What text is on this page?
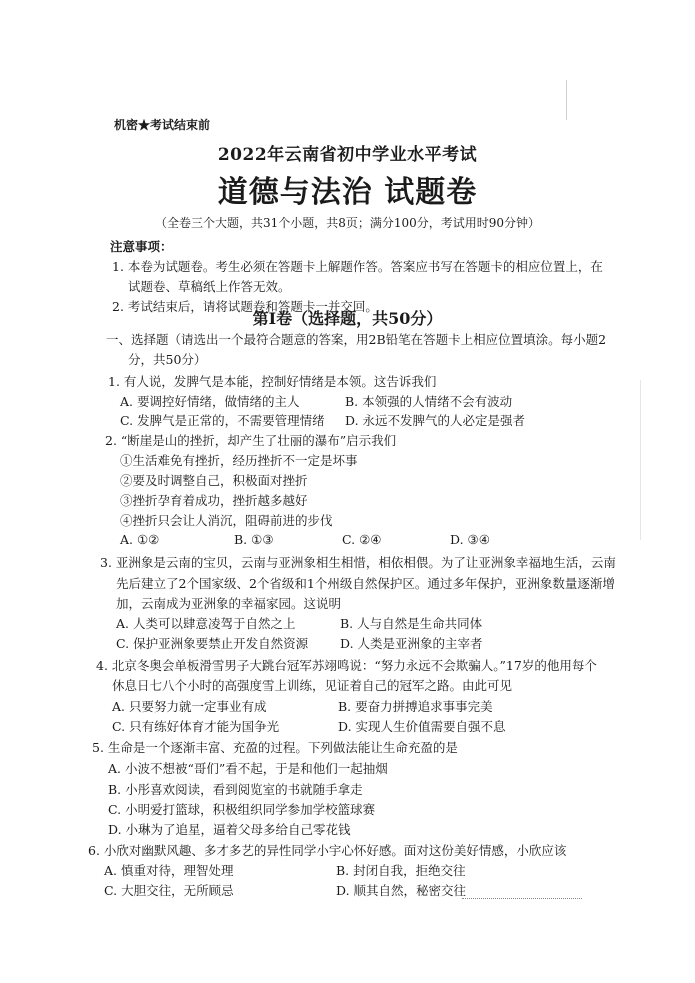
机密★考试结束前
2022年云南省初中学业水平考试
道德与法治 试题卷
（全卷三个大题，共31个小题，共8页；满分100分，考试用时90分钟）
注意事项：
1. 本卷为试题卷。考生必须在答题卡上解题作答。答案应书写在答题卡的相应位置上，在
试题卷、草稿纸上作答无效。
2. 考试结束后，请将试题卷和答题卡一并交回。
第Ⅰ卷（选择题，共50分）
一、选择题（请选出一个最符合题意的答案，用2B铅笔在答题卡上相应位置填涂。每小题2
分，共50分）
1. 有人说，发脾气是本能，控制好情绪是本领。这告诉我们
A. 要调控好情绪，做情绪的主人	B. 本领强的人情绪不会有波动
C. 发脾气是正常的，不需要管理情绪 D. 永远不发脾气的人必定是强者
2. “断崖是山的挫折，却产生了壮丽的瀑布”启示我们
①生活难免有挫折，经历挫折不一定是坏事
②要及时调整自己，积极面对挫折
③挫折孕育着成功，挫折越多越好
④挫折只会让人消沉，阻碍前进的步伐
A. ①②	B. ①③	C. ②④	D. ③④
3. 亚洲象是云南的宝贝，云南与亚洲象相生相惜，相依相偎。为了让亚洲象幸福地生活，云南
先后建立了2个国家级、2个省级和1个州级自然保护区。通过多年保护，亚洲象数量逐渐增
加，云南成为亚洲象的幸福家园。这说明
A. 人类可以肆意凌驾于自然之上	B. 人与自然是生命共同体
C. 保护亚洲象要禁止开发自然资源	D. 人类是亚洲象的主宰者
4. 北京冬奥会单板滑雪男子大跳台冠军苏翊鸣说：“努力永远不会欺骗人。”17岁的他用每个
休息日七八个小时的高强度雪上训练，见证着自己的冠军之路。由此可见
A. 只要努力就一定事业有成	B. 要奋力拼搏追求事事完美
C. 只有练好体育才能为国争光	D. 实现人生价值需要自强不息
5. 生命是一个逐渐丰富、充盈的过程。下列做法能让生命充盈的是
A. 小波不想被“哥们”看不起，于是和他们一起抽烟
B. 小彤喜欢阅读，看到阅览室的书就随手拿走
C. 小明爱打篮球，积极组织同学参加学校篮球赛
D. 小琳为了追星，逼着父母多给自己零花钱
6. 小欣对幽默风趣、多才多艺的异性同学小宇心怀好感。面对这份美好情感，小欣应该
A. 慎重对待，理智处理	B. 封闭自我，拒绝交往
C. 大胆交往，无所顾忌	D. 顺其自然，秘密交往
